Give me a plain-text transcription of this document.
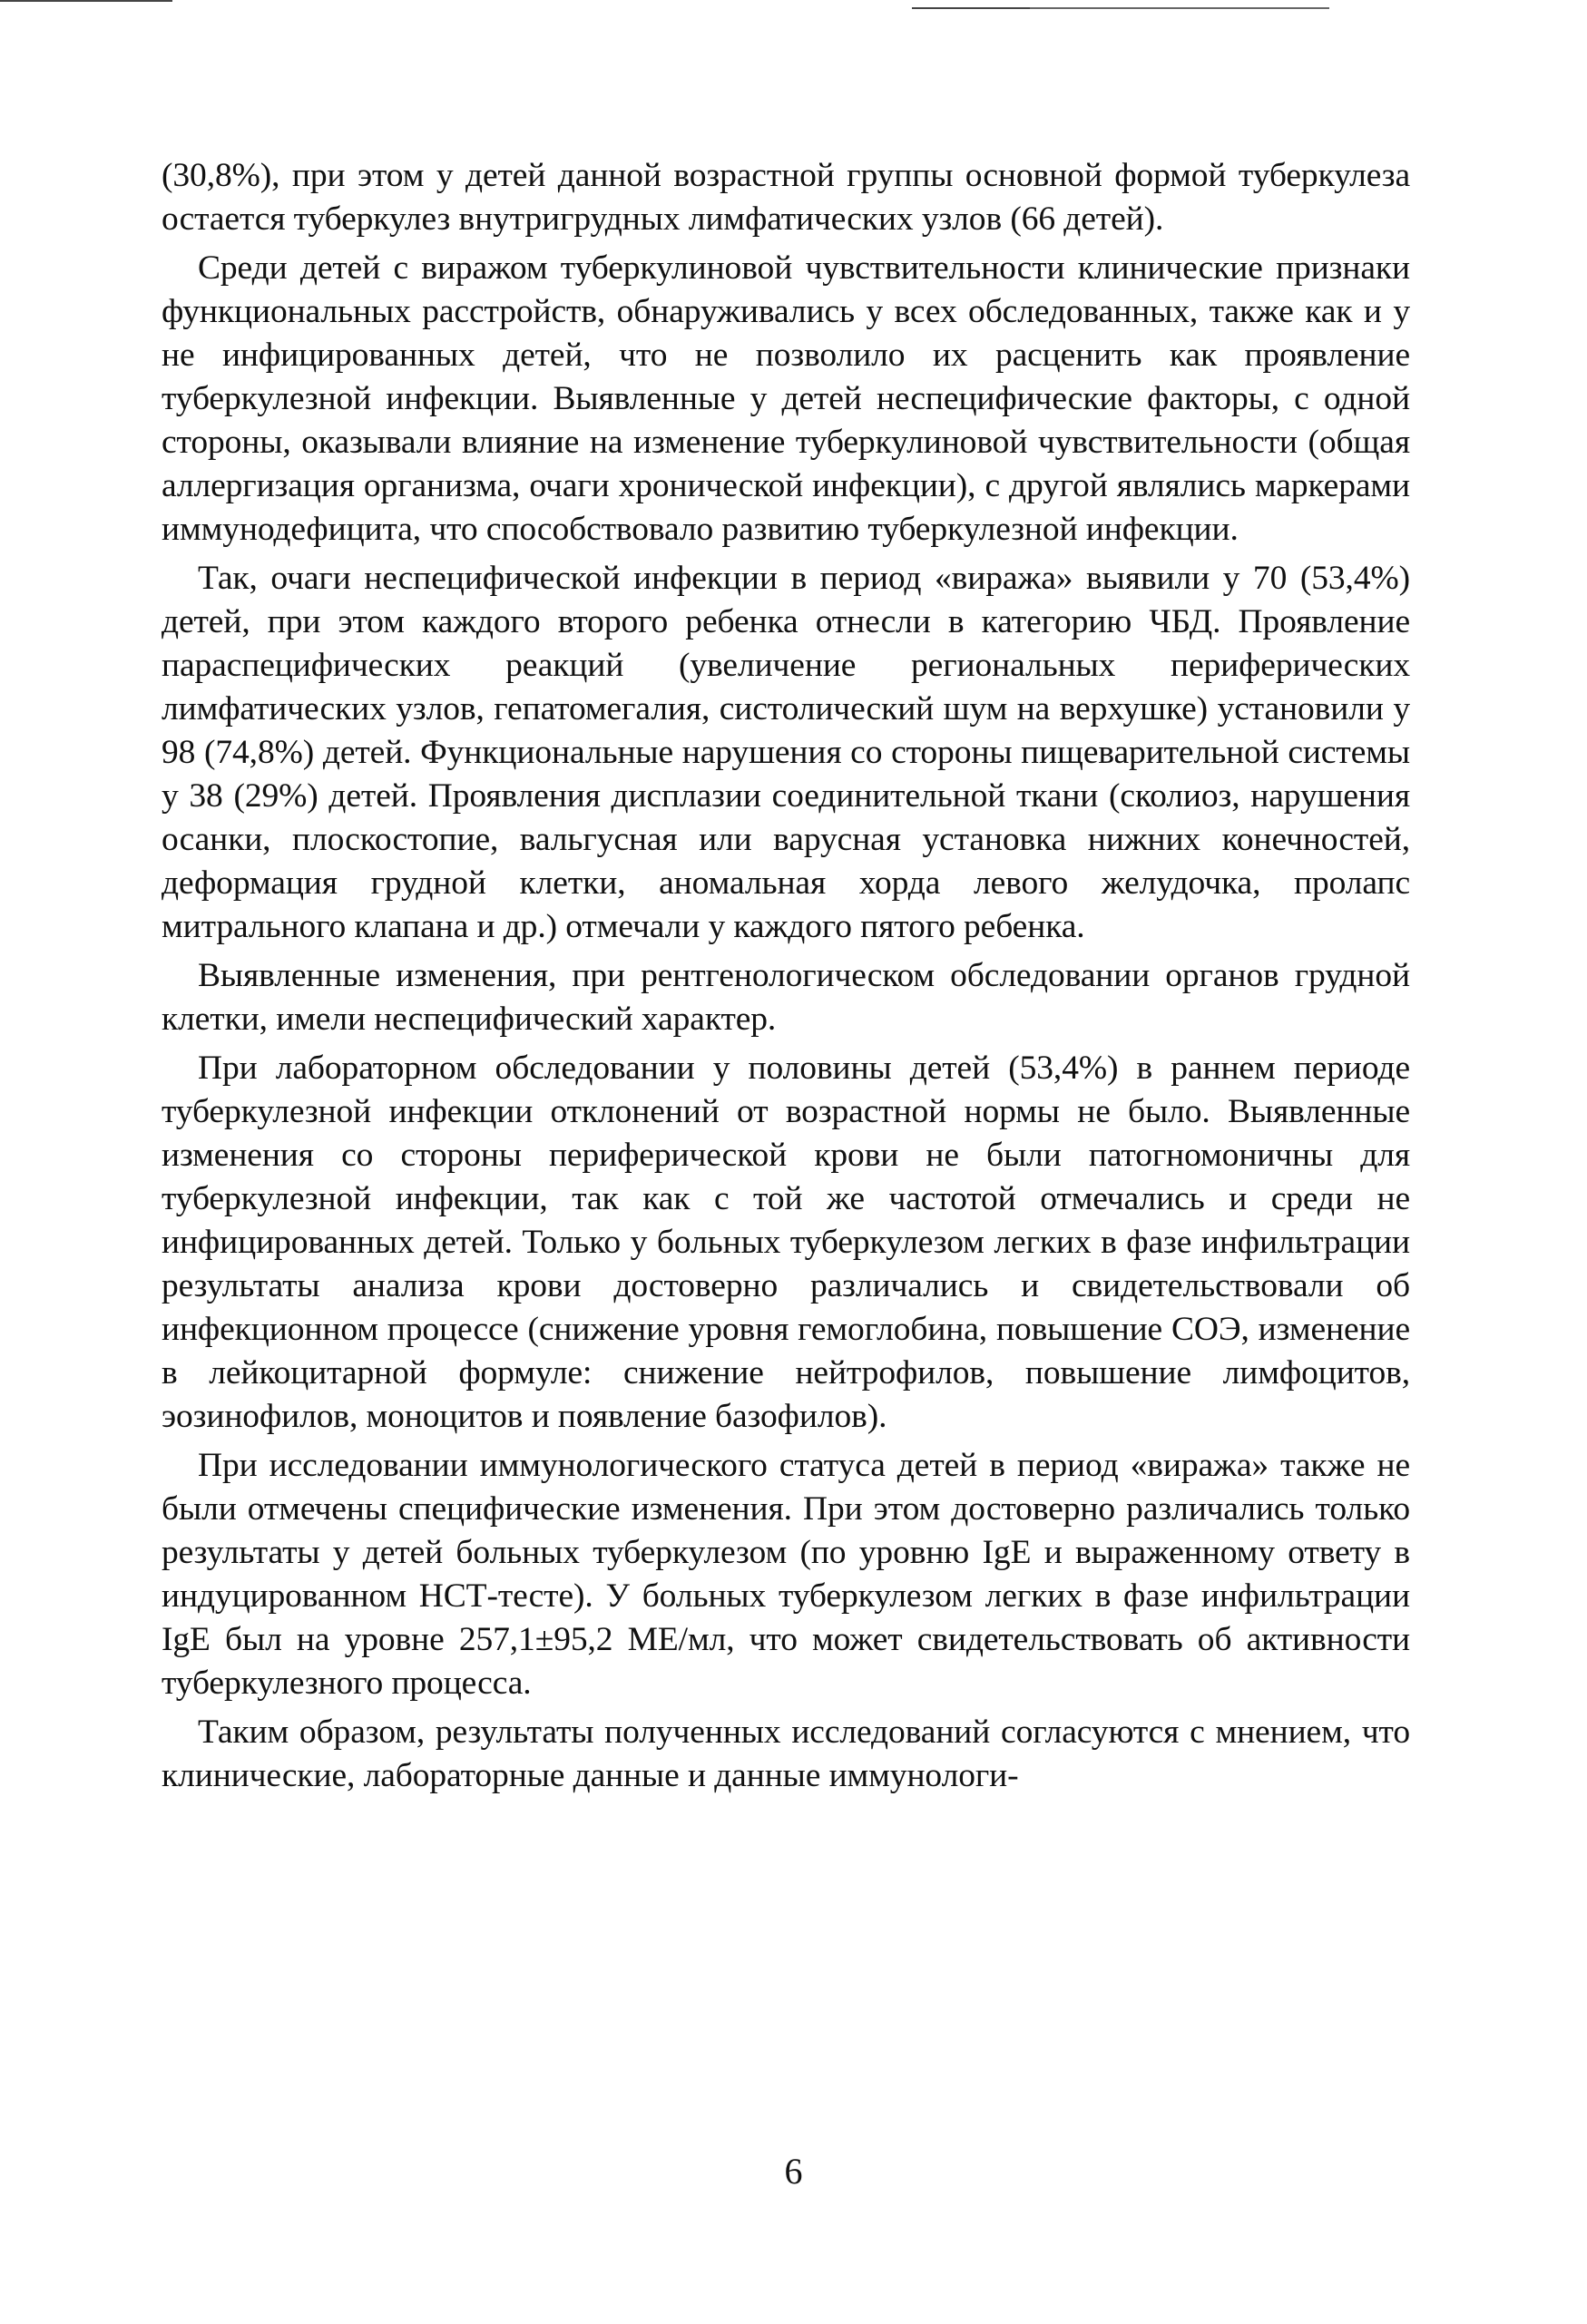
(30,8%), при этом у детей данной возрастной группы основной формой туберкулеза остается туберкулез внутригрудных лимфатических узлов (66 детей).

Среди детей с виражом туберкулиновой чувствительности клинические признаки функциональных расстройств, обнаруживались у всех обследованных, также как и у не инфицированных детей, что не позволило их расценить как проявление туберкулезной инфекции. Выявленные у детей неспецифические факторы, с одной стороны, оказывали влияние на изменение туберкулиновой чувствительности (общая аллергизация организма, очаги хронической инфекции), с другой являлись маркерами иммунодефицита, что способствовало развитию туберкулезной инфекции.

Так, очаги неспецифической инфекции в период «виража» выявили у 70 (53,4%) детей, при этом каждого второго ребенка отнесли в категорию ЧБД. Проявление параспецифических реакций (увеличение региональных периферических лимфатических узлов, гепатомегалия, систолический шум на верхушке) установили у 98 (74,8%) детей. Функциональные нарушения со стороны пищеварительной системы у 38 (29%) детей. Проявления дисплазии соединительной ткани (сколиоз, нарушения осанки, плоскостопие, вальгусная или варусная установка нижних конечностей, деформация грудной клетки, аномальная хорда левого желудочка, пролапс митрального клапана и др.) отмечали у каждого пятого ребенка.

Выявленные изменения, при рентгенологическом обследовании органов грудной клетки, имели неспецифический характер.

При лабораторном обследовании у половины детей (53,4%) в раннем периоде туберкулезной инфекции отклонений от возрастной нормы не было. Выявленные изменения со стороны периферической крови не были патогномоничны для туберкулезной инфекции, так как с той же частотой отмечались и среди не инфицированных детей. Только у больных туберкулезом легких в фазе инфильтрации результаты анализа крови достоверно различались и свидетельствовали об инфекционном процессе (снижение уровня гемоглобина, повышение СОЭ, изменение в лейкоцитарной формуле: снижение нейтрофилов, повышение лимфоцитов, эозинофилов, моноцитов и появление базофилов).

При исследовании иммунологического статуса детей в период «виража» также не были отмечены специфические изменения. При этом достоверно различались только результаты у детей больных туберкулезом (по уровню IgE и выраженному ответу в индуцированном НСТ-тесте). У больных туберкулезом легких в фазе инфильтрации IgE был на уровне 257,1±95,2 МЕ/мл, что может свидетельствовать об активности туберкулезного процесса.

Таким образом, результаты полученных исследований согласуются с мнением, что клинические, лабораторные данные и данные иммунологи-

6
